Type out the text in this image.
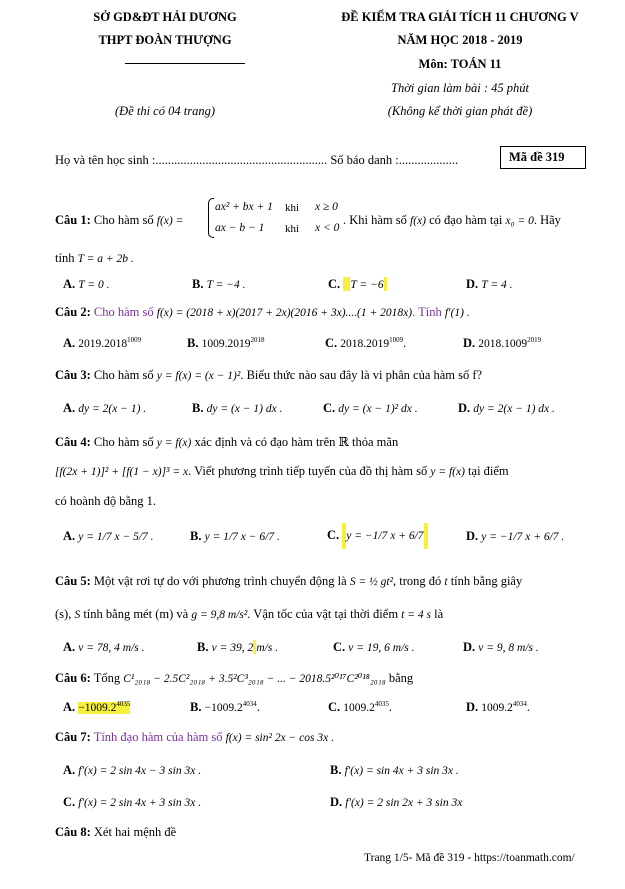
SỞ GD&ĐT HẢI DƯƠNG
THPT ĐOÀN THƯỢNG
(Đề thi có 04 trang)
ĐỀ KIỂM TRA GIẢI TÍCH 11 CHƯƠNG V
NĂM HỌC 2018 - 2019
Môn: TOÁN 11
Thời gian làm bài : 45 phút
(Không kể thời gian phát đề)
Họ và tên học sinh :....................................................... Số báo danh :...................	Mã đề 319
Câu 1: Cho hàm số f(x) =
ax² + bx + 1 khi x ≥ 0
ax − b − 1 khi x < 0
. Khi hàm số f(x) có đạo hàm tại x₀ = 0. Hãy
tính T = a + 2b .
A. T = 0 .	B. T = −4 .	C. T = −6	D. T = 4 .
Câu 2: Cho hàm số f(x) = (2018 + x)(2017 + 2x)(2016 + 3x)....(1 + 2018x). Tính f′(1) .
A. $2019.2018^{1009}$	B. $1009.2019^{2018}$	C. $2018.2019^{1009}$.	D. $2018.1009^{2019}$
Câu 3: Cho hàm số y = f(x) = (x − 1)². Biểu thức nào sau đây là vi phân của hàm số f?
A. dy = 2(x − 1) .	B. dy = (x − 1) dx .	C. dy = (x − 1)² dx .	D. dy = 2(x − 1) dx .
Câu 4: Cho hàm số y = f(x) xác định và có đạo hàm trên ℝ thỏa mãn
[f(2x + 1)]² + [f(1 − x)]³ = x. Viết phương trình tiếp tuyến của đồ thị hàm số y = f(x) tại điểm
có hoành độ bằng 1.
A. y = 1/7 x − 5/7 .	B. y = 1/7 x − 6/7 .	C. y = −1/7 x + 6/7	D. y = −1/7 x + 6/7 .
Câu 5: Một vật rơi tự do với phương trình chuyển động là S = ½ gt², trong đó t tính bằng giây
(s), S tính bằng mét (m) và g = 9,8 m/s². Vận tốc của vật tại thời điểm t = 4 s là
A. v = 78, 4 m/s .	B. v = 39, 2 m/s .	C. v = 19, 6 m/s .	D. v = 9, 8 m/s .
Câu 6: Tổng C¹₂₀₁₈ − 2.5C²₂₀₁₈ + 3.5²C³₂₀₁₈ − ... − 2018.5²⁰¹⁷C²⁰¹⁸₂₀₁₈ bằng
A. $-1009.2^{4035}$	B. $-1009.2^{4034}$.	C. $1009.2^{4035}$.	D. $1009.2^{4034}$.
Câu 7: Tính đạo hàm của hàm số f(x) = sin² 2x − cos 3x .
A. f′(x) = 2 sin 4x − 3 sin 3x .	B. f′(x) = sin 4x + 3 sin 3x .
C. f′(x) = 2 sin 4x + 3 sin 3x .	D. f′(x) = 2 sin 2x + 3 sin 3x
Câu 8: Xét hai mệnh đề
Trang 1/5- Mã đề 319 - https://toanmath.com/
